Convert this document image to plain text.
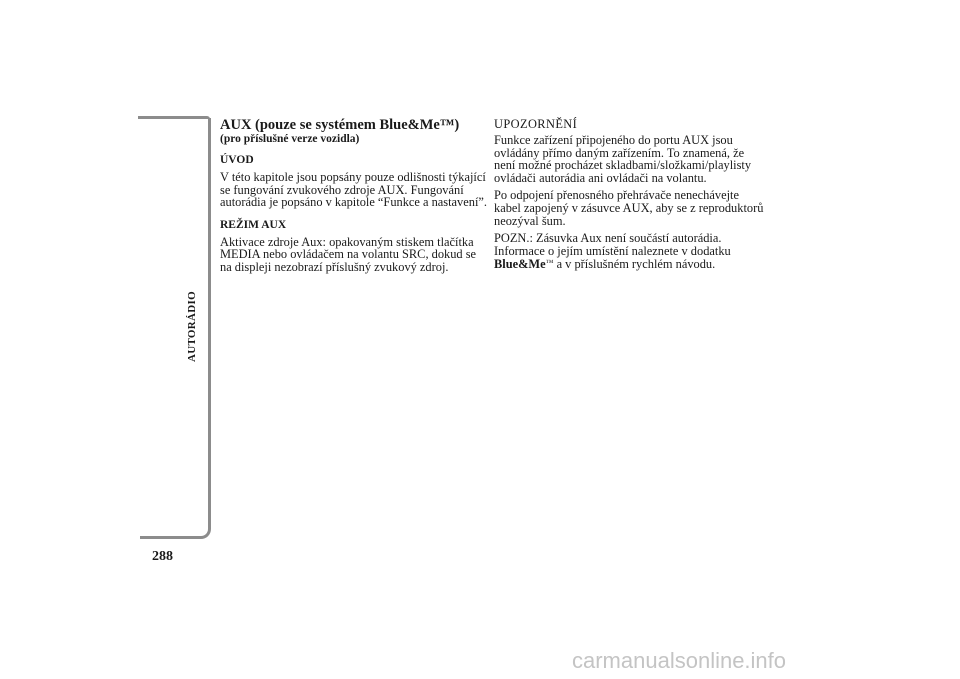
AUTORÁDIO
288
AUX (pouze se systémem Blue&Me™)
(pro příslušné verze vozidla)
ÚVOD
V této kapitole jsou popsány pouze odlišnosti týkající
se fungování zvukového zdroje AUX. Fungování
autorádia je popsáno v kapitole “Funkce a nastavení”.
REŽIM AUX
Aktivace zdroje Aux: opakovaným stiskem tlačítka
MEDIA nebo ovládačem na volantu SRC, dokud se
na displeji nezobrazí příslušný zvukový zdroj.
UPOZORNĚNÍ
Funkce zařízení připojeného do portu AUX jsou
ovládány přímo daným zařízením. To znamená, že
není možné procházet skladbami/složkami/playlisty
ovládači autorádia ani ovládači na volantu.
Po odpojení přenosného přehrávače nenechávejte
kabel zapojený v zásuvce AUX, aby se z reproduktorů
neozýval šum.
POZN.: Zásuvka Aux není součástí autorádia.
Informace o jejím umístění naleznete v dodatku
Blue&Me™ a v příslušném rychlém návodu.
carmanualsonline.info
